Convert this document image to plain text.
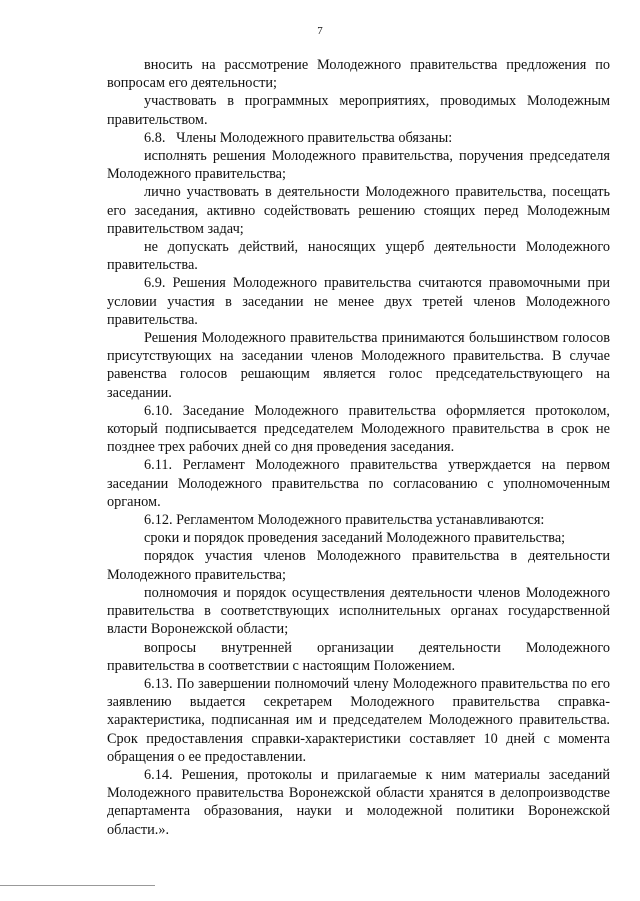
7

вносить на рассмотрение Молодежного правительства предложения по вопросам его деятельности;

участвовать в программных мероприятиях, проводимых Молодежным правительством.

6.8.   Члены Молодежного правительства обязаны:

исполнять решения Молодежного правительства, поручения председателя Молодежного правительства;

лично участвовать в деятельности Молодежного правительства, посещать его заседания, активно содействовать решению стоящих перед Молодежным правительством задач;

не допускать действий, наносящих ущерб деятельности Молодежного правительства.

6.9. Решения Молодежного правительства считаются правомочными при условии участия в заседании не менее двух третей членов Молодежного правительства.

Решения Молодежного правительства принимаются большинством голосов присутствующих на заседании членов Молодежного правительства. В случае равенства голосов решающим является голос председательствующего на заседании.

6.10. Заседание Молодежного правительства оформляется протоколом, который подписывается председателем Молодежного правительства в срок не позднее трех рабочих дней со дня проведения заседания.

6.11. Регламент Молодежного правительства утверждается на первом заседании Молодежного правительства по согласованию с уполномоченным органом.

6.12. Регламентом Молодежного правительства устанавливаются:

сроки и порядок проведения заседаний Молодежного правительства;

порядок участия членов Молодежного правительства в деятельности Молодежного правительства;

полномочия и порядок осуществления деятельности членов Молодежного правительства в соответствующих исполнительных органах государственной власти Воронежской области;

вопросы внутренней организации деятельности Молодежного правительства в соответствии с настоящим Положением.

6.13. По завершении полномочий члену Молодежного правительства по его заявлению выдается секретарем Молодежного правительства справка-характеристика, подписанная им и председателем Молодежного правительства. Срок предоставления справки-характеристики составляет 10 дней с момента обращения о ее предоставлении.

6.14. Решения, протоколы и прилагаемые к ним материалы заседаний Молодежного правительства Воронежской области хранятся в делопроизводстве департамента образования, науки и молодежной политики Воронежской области.».
